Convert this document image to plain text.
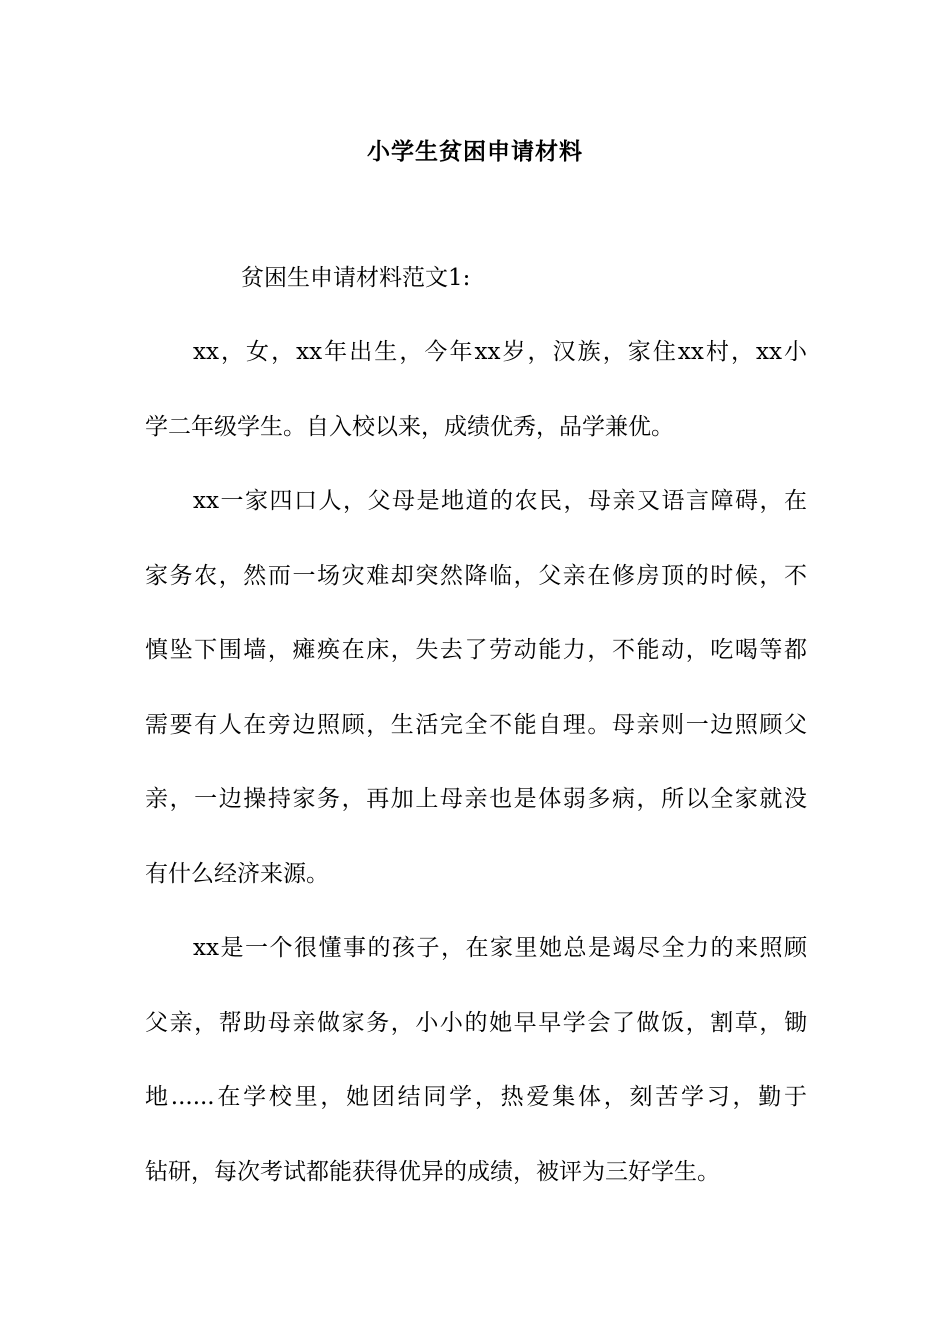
小学生贫困申请材料
贫困生申请材料范文1:
xx，女，xx年出生，今年xx岁，汉族，家住xx村，xx小
学二年级学生。自入校以来，成绩优秀，品学兼优。
xx一家四口人，父母是地道的农民，母亲又语言障碍，在
家务农，然而一场灾难却突然降临，父亲在修房顶的时候，不
慎坠下围墙，瘫痪在床，失去了劳动能力，不能动，吃喝等都
需要有人在旁边照顾，生活完全不能自理。母亲则一边照顾父
亲，一边操持家务，再加上母亲也是体弱多病，所以全家就没
有什么经济来源。
xx是一个很懂事的孩子，在家里她总是竭尽全力的来照顾
父亲，帮助母亲做家务，小小的她早早学会了做饭，割草，锄
地......在学校里，她团结同学，热爱集体，刻苦学习，勤于
钻研，每次考试都能获得优异的成绩，被评为三好学生。
